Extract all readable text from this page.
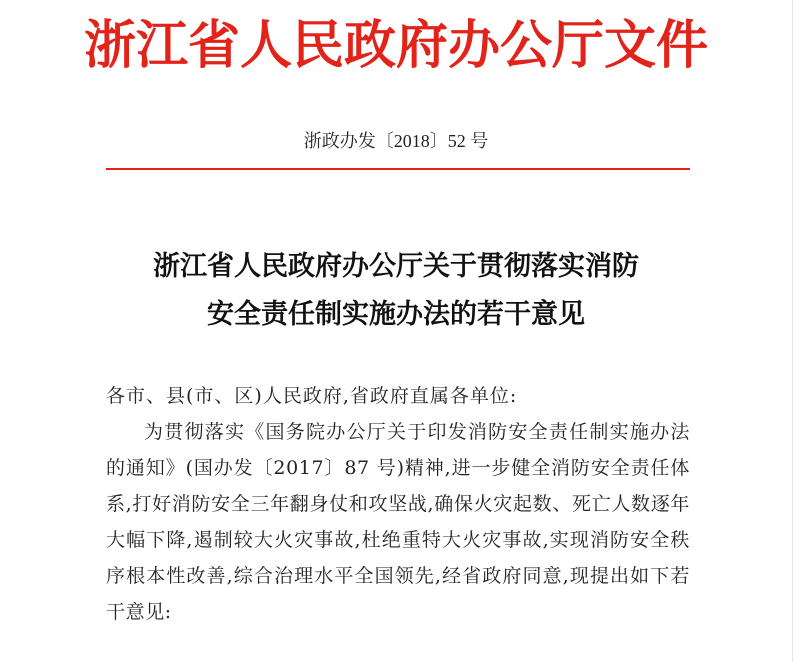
浙江省人民政府办公厅文件
浙政办发〔2018〕52 号
浙江省人民政府办公厅关于贯彻落实消防
安全责任制实施办法的若干意见

各市、县(市、区)人民政府,省政府直属各单位:

为贯彻落实《国务院办公厅关于印发消防安全责任制实施办法的通知》(国办发〔2017〕87 号)精神,进一步健全消防安全责任体系,打好消防安全三年翻身仗和攻坚战,确保火灾起数、死亡人数逐年大幅下降,遏制较大火灾事故,杜绝重特大火灾事故,实现消防安全秩序根本性改善,综合治理水平全国领先,经省政府同意,现提出如下若干意见:
